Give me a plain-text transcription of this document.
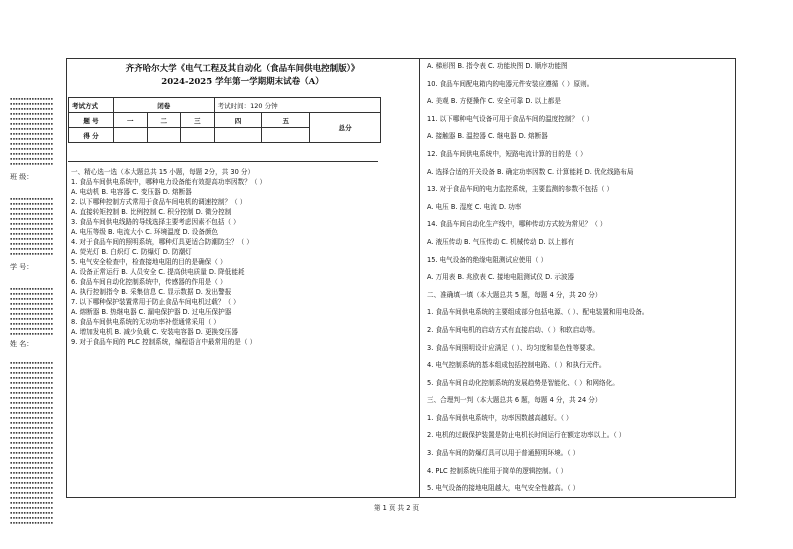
▪▪▪▪▪▪▪▪▪▪▪▪▪▪▪▪
▪▪▪▪▪▪▪▪▪▪▪▪▪▪▪▪
▪▪▪▪▪▪▪▪▪▪▪▪▪▪▪▪
▪▪▪▪▪▪▪▪▪▪▪▪▪▪▪▪
▪▪▪▪▪▪▪▪▪▪▪▪▪▪▪▪
▪▪▪▪▪▪▪▪▪▪▪▪▪▪▪▪
▪▪▪▪▪▪▪▪▪▪▪▪▪▪▪▪
▪▪▪▪▪▪▪▪▪▪▪▪▪▪▪▪
▪▪▪▪▪▪▪▪▪▪▪▪▪▪▪▪
▪▪▪▪▪▪▪▪▪▪▪▪▪▪▪▪
▪▪▪▪▪▪▪▪▪▪▪▪▪▪▪▪
▪▪▪▪▪▪▪▪▪▪▪▪▪▪▪▪
▪▪▪▪▪▪▪▪▪▪▪▪▪▪▪▪
▪▪▪▪▪▪▪▪▪▪▪▪▪▪▪▪
班 级：
▪▪▪▪▪▪▪▪▪▪▪▪▪▪▪▪
▪▪▪▪▪▪▪▪▪▪▪▪▪▪▪▪
▪▪▪▪▪▪▪▪▪▪▪▪▪▪▪▪
▪▪▪▪▪▪▪▪▪▪▪▪▪▪▪▪
▪▪▪▪▪▪▪▪▪▪▪▪▪▪▪▪
▪▪▪▪▪▪▪▪▪▪▪▪▪▪▪▪
▪▪▪▪▪▪▪▪▪▪▪▪▪▪▪▪
▪▪▪▪▪▪▪▪▪▪▪▪▪▪▪▪
▪▪▪▪▪▪▪▪▪▪▪▪▪▪▪▪
▪▪▪▪▪▪▪▪▪▪▪▪▪▪▪▪
▪▪▪▪▪▪▪▪▪▪▪▪▪▪▪▪
▪▪▪▪▪▪▪▪▪▪▪▪▪▪▪▪
学 号：
▪▪▪▪▪▪▪▪▪▪▪▪▪▪▪▪
▪▪▪▪▪▪▪▪▪▪▪▪▪▪▪▪
▪▪▪▪▪▪▪▪▪▪▪▪▪▪▪▪
▪▪▪▪▪▪▪▪▪▪▪▪▪▪▪▪
▪▪▪▪▪▪▪▪▪▪▪▪▪▪▪▪
▪▪▪▪▪▪▪▪▪▪▪▪▪▪▪▪
▪▪▪▪▪▪▪▪▪▪▪▪▪▪▪▪
▪▪▪▪▪▪▪▪▪▪▪▪▪▪▪▪
▪▪▪▪▪▪▪▪▪▪▪▪▪▪▪▪
▪▪▪▪▪▪▪▪▪▪▪▪▪▪▪▪
姓 名：
▪▪▪▪▪▪▪▪▪▪▪▪▪▪▪▪
▪▪▪▪▪▪▪▪▪▪▪▪▪▪▪▪
▪▪▪▪▪▪▪▪▪▪▪▪▪▪▪▪
▪▪▪▪▪▪▪▪▪▪▪▪▪▪▪▪
▪▪▪▪▪▪▪▪▪▪▪▪▪▪▪▪
▪▪▪▪▪▪▪▪▪▪▪▪▪▪▪▪
▪▪▪▪▪▪▪▪▪▪▪▪▪▪▪▪
▪▪▪▪▪▪▪▪▪▪▪▪▪▪▪▪
▪▪▪▪▪▪▪▪▪▪▪▪▪▪▪▪
▪▪▪▪▪▪▪▪▪▪▪▪▪▪▪▪
▪▪▪▪▪▪▪▪▪▪▪▪▪▪▪▪
▪▪▪▪▪▪▪▪▪▪▪▪▪▪▪▪
▪▪▪▪▪▪▪▪▪▪▪▪▪▪▪▪
▪▪▪▪▪▪▪▪▪▪▪▪▪▪▪▪
▪▪▪▪▪▪▪▪▪▪▪▪▪▪▪▪
▪▪▪▪▪▪▪▪▪▪▪▪▪▪▪▪
▪▪▪▪▪▪▪▪▪▪▪▪▪▪▪▪
▪▪▪▪▪▪▪▪▪▪▪▪▪▪▪▪
▪▪▪▪▪▪▪▪▪▪▪▪▪▪▪▪
▪▪▪▪▪▪▪▪▪▪▪▪▪▪▪▪
▪▪▪▪▪▪▪▪▪▪▪▪▪▪▪▪
▪▪▪▪▪▪▪▪▪▪▪▪▪▪▪▪
▪▪▪▪▪▪▪▪▪▪▪▪▪▪▪▪
▪▪▪▪▪▪▪▪▪▪▪▪▪▪▪▪
▪▪▪▪▪▪▪▪▪▪▪▪▪▪▪▪
▪▪▪▪▪▪▪▪▪▪▪▪▪▪▪▪
▪▪▪▪▪▪▪▪▪▪▪▪▪▪▪▪
▪▪▪▪▪▪▪▪▪▪▪▪▪▪▪▪
▪▪▪▪▪▪▪▪▪▪▪▪▪▪▪▪
▪▪▪▪▪▪▪▪▪▪▪▪▪▪▪▪
▪▪▪▪▪▪▪▪▪▪▪▪▪▪▪▪
▪▪▪▪▪▪▪▪▪▪▪▪▪▪▪▪
▪▪▪▪▪▪▪▪▪▪▪▪▪▪▪▪
齐齐哈尔大学《电气工程及其自动化（食品车间供电控制版）》
2024-2025 学年第一学期期末试卷（A）
考试方式	闭卷			考试时间：120 分钟		
题 号	一	二	三	四	五	总分
得 分						
一、精心选一选（本大题总共 15 小题，每题 2分，共 30 分）
1. 食品车间供电系统中，哪种电力设备能有效提高功率因数？（ ）
A. 电动机 B. 电容器 C. 变压器 D. 熔断器
2. 以下哪种控制方式常用于食品车间电机的调速控制？（ ）
A. 直接转矩控制 B. 比例控制 C. 积分控制 D. 微分控制
3. 食品车间供电线路的导线选择主要考虑因素不包括（ ）
A. 电压等级 B. 电流大小 C. 环境温度 D. 设备颜色
4. 对于食品车间的照明系统，哪种灯具更适合防潮防尘？（ ）
A. 荧光灯 B. 白炽灯 C. 防爆灯 D. 防潮灯
5. 电气安全检查中，检查接地电阻的目的是确保（ ）
A. 设备正常运行 B. 人员安全 C. 提高供电质量 D. 降低能耗
6. 食品车间自动化控制系统中，传感器的作用是（ ）
A. 执行控制指令 B. 采集信息 C. 显示数据 D. 发出警报
7. 以下哪种保护装置常用于防止食品车间电机过载？（ ）
A. 熔断器 B. 热继电器 C. 漏电保护器 D. 过电压保护器
8. 食品车间供电系统的无功功率补偿通常采用（ ）
A. 增加发电机 B. 减少负载 C. 安装电容器 D. 更换变压器
9. 对于食品车间的 PLC 控制系统，编程语言中最常用的是（ ）
A. 梯形图 B. 指令表 C. 功能块图 D. 顺序功能图
10. 食品车间配电箱内的电器元件安装应遵循（ ）原则。
A. 美观 B. 方便操作 C. 安全可靠 D. 以上都是
11. 以下哪种电气设备可用于食品车间的温度控制？（ ）
A. 接触器 B. 温控器 C. 继电器 D. 熔断器
12. 食品车间供电系统中，短路电流计算的目的是（ ）
A. 选择合适的开关设备 B. 确定功率因数 C. 计算能耗 D. 优化线路布局
13. 对于食品车间的电力监控系统，主要监测的参数不包括（ ）
A. 电压 B. 湿度 C. 电流 D. 功率
14. 食品车间自动化生产线中，哪种传动方式较为常见？（ ）
A. 液压传动 B. 气压传动 C. 机械传动 D. 以上都有
15. 电气设备的绝缘电阻测试应使用（ ）
A. 万用表 B. 兆欧表 C. 接地电阻测试仪 D. 示波器
二、准确填一填（本大题总共 5 题，每题 4 分，共 20 分）
1. 食品车间供电系统的主要组成部分包括电源、（ ）、配电装置和用电设备。
2. 食品车间电机的启动方式有直接启动、（ ）和软启动等。
3. 食品车间照明设计应满足（ ）、均匀度和显色性等要求。
4. 电气控制系统的基本组成包括控制电路、（ ）和执行元件。
5. 食品车间自动化控制系统的发展趋势是智能化、（ ）和网络化。
三、合理判一判（本大题总共 6 题，每题 4 分，共 24 分）
1. 食品车间供电系统中，功率因数越高越好。（ ）
2. 电机的过载保护装置是防止电机长时间运行在额定功率以上。（ ）
3. 食品车间的防爆灯具可以用于普通照明环境。（ ）
4. PLC 控制系统只能用于简单的逻辑控制。（ ）
5. 电气设备的接地电阻越大，电气安全性越高。（ ）
第 1 页 共 2 页
